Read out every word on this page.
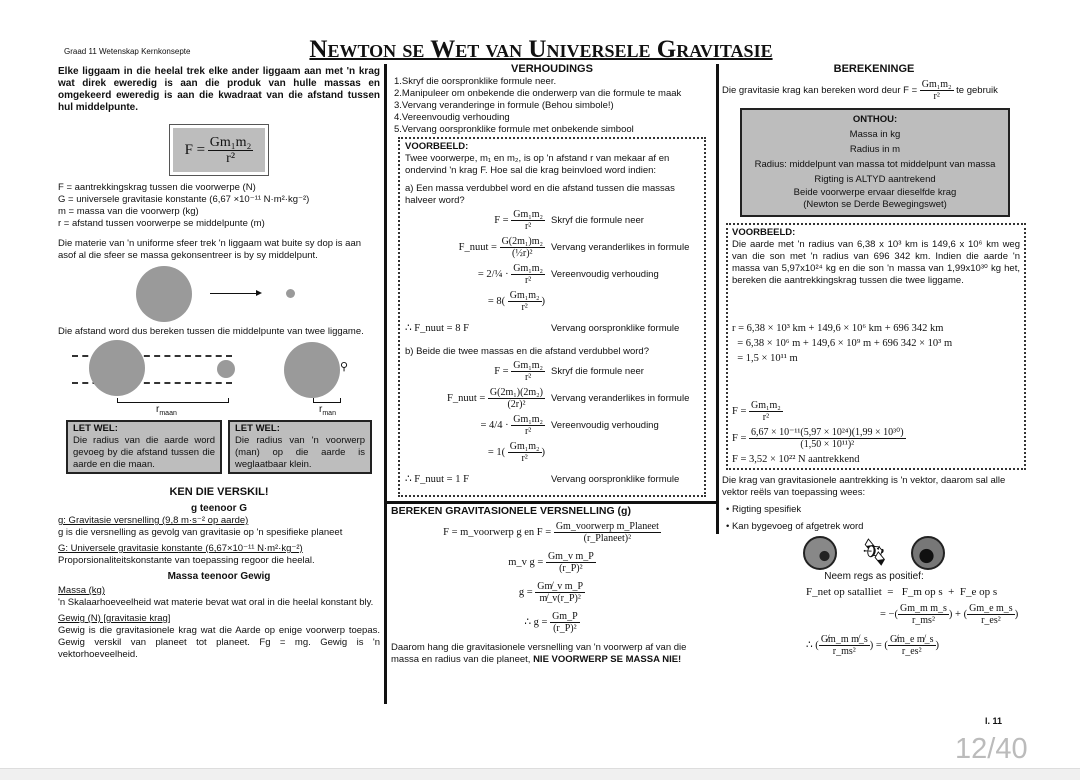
Graad 11 Wetenskap Kernkonsepte	Newton se Wet van Universele Gravitasie
Elke liggaam in die heelal trek elke ander liggaam aan met 'n krag wat direk eweredig is aan die produk van hulle massas en omgekeerd eweredig is aan die kwadraat van die afstand tussen hul middelpunte.
F =
$\frac{\text{Gm₁m₂}}{\text{r²}}$
F = aantrekkingskrag tussen die voorwerpe (N)
G = universele gravitasie konstante (6,67 ×10⁻¹¹ N·m²·kg⁻²)
m = massa van die voorwerp (kg)
r = afstand tussen voorwerpe se middelpunte (m)
Die materie van 'n uniforme sfeer trek 'n liggaam wat buite sy dop is aan asof al die sfeer se massa gekonsentreer is by sy middelpunt.
Die afstand word dus bereken tussen die middelpunte van twee liggame.
$r_{maan}$
⚲
$r_{man}$
LET WEL:
Die radius van die aarde word gevoeg by die afstand tussen die aarde en die maan.
LET WEL:
Die radius van 'n voorwerp (man) op die aarde is weglaatbaar klein.
KEN DIE VERSKIL!
g teenoor G
g: Gravitasie versnelling (9,8 m·s⁻² op aarde)
g is die versnelling as gevolg van gravitasie op 'n spesifieke planeet
G: Universele gravitasie konstante (6,67×10⁻¹¹ N·m²·kg⁻²)
Proporsionaliteitskonstante van toepassing regoor die heelal.
Massa teenoor Gewig
Massa (kg)
'n Skalaarhoeveelheid wat materie bevat wat oral in die heelal konstant bly.
Gewig (N) [gravitasie krag]
Gewig is die gravitasionele krag wat die Aarde op enige voorwerp toepas. Gewig verskil van planeet tot planeet. Fg = mg. Gewig is 'n vektorhoeveelheid.
VERHOUDINGS
1.Skryf die oorspronklike formule neer.
2.Manipuleer om onbekende die onderwerp van die formule te maak
3.Vervang veranderinge in formule (Behou simbole!)
4.Vereenvoudig verhouding
5.Vervang oorspronklike formule met onbekende simbool
VOORBEELD:
Twee voorwerpe, m₁ en m₂, is op 'n afstand r van mekaar af en ondervind 'n krag F. Hoe sal die krag beinvloed word indien:
a) Een massa verdubbel word en die afstand tussen die massas halveer word?
$F = \frac{\text{Gm₁m₂}}{\text{r²}}$ Skryf die formule neer
F_nuut = $\frac{\text{G(2m₁)m₂}}{\text{(½r)²}}$ Vervang veranderlikes in formule
= 2/¼ · $\frac{\text{Gm₁m₂}}{\text{r²}}$ Vereenvoudig verhouding
= $8( \frac{\text{Gm₁m₂}}{\text{r²}}$ )
∴ F_nuut = 8 F	Vervang oorspronklike formule
b) Beide die twee massas en die afstand verdubbel word?
$F = \frac{\text{Gm₁m₂}}{\text{r²}}$ Skryf die formule neer
F_nuut = $\frac{\text{G(2m₁)(2m₂)}}{\text{(2r)²}}$ Vervang veranderlikes in formule
= $4/4 \cdot \frac{\text{Gm₁m₂}}{\text{r²}}$ Vereenvoudig verhouding
= $1( \frac{\text{Gm₁m₂}}{\text{r²}}$ )
∴ F_nuut = 1 F	Vervang oorspronklike formule
BEREKEN GRAVITASIONELE VERSNELLING (g)
F = m_voorwerp g en $F = \frac{\text{Gm\_voorwerp m\_Planeet}}{\text{(r\_Planeet)²}}$
m_v $g = \frac{\text{Gm\_v m\_P}}{\text{(r\_P)²}}$
$g = \frac{\text{Gm̸\_v m\_P}}{\text{m̸\_v(r\_P)²}}$
∴ $g = \frac{Gm\_P}{\text{(r\_P)²}}$
Daarom hang die gravitasionele versnelling van 'n voorwerp af van die massa en radius van die planeet, NIE VOORWERP SE MASSA NIE!
BEREKENINGE
Die gravitasie krag kan bereken word deur $F = \frac{\text{Gm₁m₂}}{\text{r²}}$ te gebruik
ONTHOU:
Massa in kg
Radius in m
Radius: middelpunt van massa tot middelpunt van massa
Rigting is ALTYD aantrekend
Beide voorwerpe ervaar dieselfde krag
(Newton se Derde Bewegingswet)
VOORBEELD:
Die aarde met 'n radius van 6,38 x 10³ km is 149,6 x 10⁶ km weg van die son met 'n radius van 696 342 km. Indien die aarde 'n massa van 5,97x10²⁴ kg en die son 'n massa van 1,99x10³⁰ kg het, bereken die aantrekkingskrag tussen die twee liggame.

r = 6,38 × 10³ km + 149,6 × 10⁶ km + 696 342 km
= 6,38 × 10⁶ m + 149,6 × 10⁹ m + 696 342 × 10³ m
= 1,5 × 10¹¹ m

$F = \frac{\text{Gm₁m₂}}{\text{r²}}$
$F = \frac{\text{6,67 × 10⁻¹¹(5,97 × 10²⁴)(1,99 × 10³⁰)}}{\text{(1,50 × 10¹¹)²}}$
F = 3,52 × 10²² N aantrekkend
Die krag van gravitasionele aantrekking is 'n vektor, daarom sal alle vektor reëls van toepassing wees:
• Rigting spesifiek
• Kan bygevoeg of afgetrek word
🛰
Neem regs as positief:
F_net op satalliet  =   F_m op s  +  F_e op s
= −( $\frac{\text{Gm\_m m\_s}}{\text{r\_ms²}}$ ) + ( $\frac{\text{Gm\_e m\_s}}{\text{r\_es²}}$ )
∴ ( $\frac{\text{G̸m\_m m̸\_s}}{\text{r\_ms²}}$ ) = ( $\frac{\text{G̸m\_e m̸\_s}}{\text{r\_es²}}$ )
l. 11
12/40
